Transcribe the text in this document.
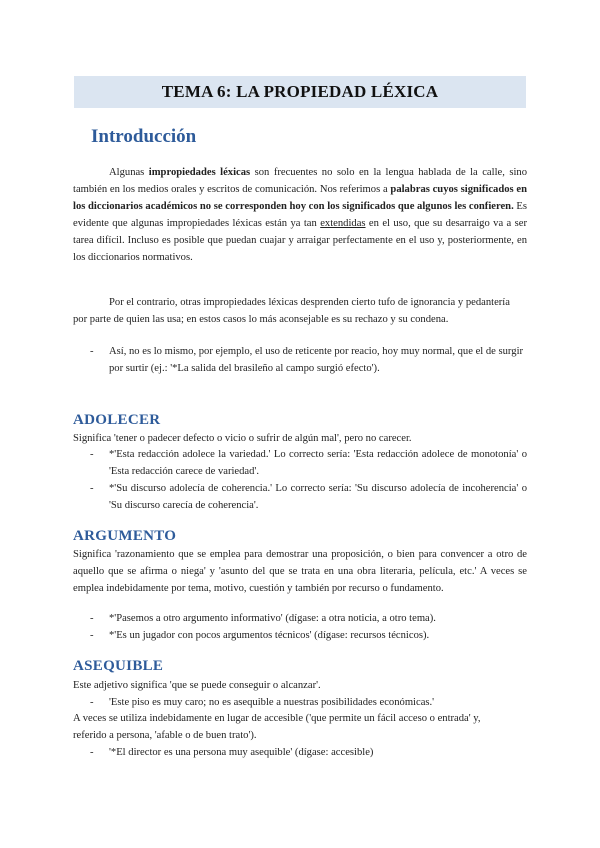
TEMA 6: LA PROPIEDAD LÉXICA
Introducción

Algunas impropiedades léxicas son frecuentes no solo en la lengua hablada de la calle, sino también en los medios orales y escritos de comunicación. Nos referimos a palabras cuyos significados en los diccionarios académicos no se corresponden hoy con los significados que algunos les confieren. Es evidente que algunas impropiedades léxicas están ya tan extendidas en el uso, que su desarraigo va a ser tarea difícil. Incluso es posible que puedan cuajar y arraigar perfectamente en el uso y, posteriormente, en los diccionarios normativos.

Por el contrario, otras impropiedades léxicas desprenden cierto tufo de ignorancia y pedantería por parte de quien las usa; en estos casos lo más aconsejable es su rechazo y su condena.

- Así, no es lo mismo, por ejemplo, el uso de reticente por reacio, hoy muy normal, que el de surgir por surtir (ej.: '*La salida del brasileño al campo surgió efecto').
ADOLECER

Significa 'tener o padecer defecto o vicio o sufrir de algún mal', pero no carecer.

- *'Esta redacción adolece la variedad.' Lo correcto sería: 'Esta redacción adolece de monotonía' o 'Esta redacción carece de variedad'.
- *'Su discurso adolecía de coherencia.' Lo correcto sería: 'Su discurso adolecía de incoherencia' o 'Su discurso carecía de coherencia'.
ARGUMENTO

Significa 'razonamiento que se emplea para demostrar una proposición, o bien para convencer a otro de aquello que se afirma o niega' y 'asunto del que se trata en una obra literaria, película, etc.' A veces se emplea indebidamente por tema, motivo, cuestión y también por recurso o fundamento.

- *'Pasemos a otro argumento informativo' (dígase: a otra noticia, a otro tema).
- *'Es un jugador con pocos argumentos técnicos' (dígase: recursos técnicos).
ASEQUIBLE

Este adjetivo significa 'que se puede conseguir o alcanzar'.

- 'Este piso es muy caro; no es asequible a nuestras posibilidades económicas.'

A veces se utiliza indebidamente en lugar de accesible ('que permite un fácil acceso o entrada' y, referido a persona, 'afable o de buen trato').

- '*El director es una persona muy asequible' (dígase: accesible)
